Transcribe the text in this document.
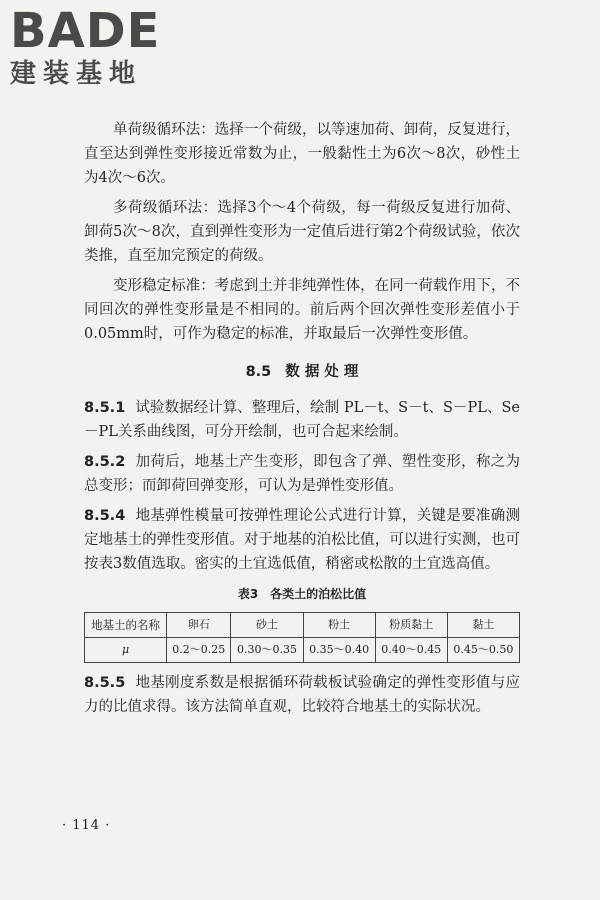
BADE
建装基地

单荷级循环法：选择一个荷级，以等速加荷、卸荷，反复进行，直至达到弹性变形接近常数为止，一般黏性土为6次～8次，砂性土为4次～6次。

多荷级循环法：选择3个～4个荷级，每一荷级反复进行加荷、卸荷5次～8次，直到弹性变形为一定值后进行第2个荷级试验，依次类推，直至加完预定的荷级。

变形稳定标准：考虑到土并非纯弹性体，在同一荷载作用下，不同回次的弹性变形量是不相同的。前后两个回次弹性变形差值小于0.05mm时，可作为稳定的标准，并取最后一次弹性变形值。

8.5 数 据 处 理

8.5.1 试验数据经计算、整理后，绘制 PL－t、S－t、S－PL、Se－PL关系曲线图，可分开绘制，也可合起来绘制。

8.5.2 加荷后，地基土产生变形，即包含了弹、塑性变形，称之为总变形；而卸荷回弹变形，可认为是弹性变形值。

8.5.4 地基弹性模量可按弹性理论公式进行计算，关键是要准确测定地基土的弹性变形值。对于地基的泊松比值，可以进行实测，也可按表3数值选取。密实的土宜选低值，稍密或松散的土宜选高值。

表3　各类土的泊松比值
地基土的名称	卵石	砂土	粉土	粉质黏土	黏土
μ	0.2～0.25	0.30～0.35	0.35～0.40	0.40～0.45	0.45～0.50

8.5.5 地基刚度系数是根据循环荷载板试验确定的弹性变形值与应力的比值求得。该方法简单直观，比较符合地基土的实际状况。

· 114 ·
